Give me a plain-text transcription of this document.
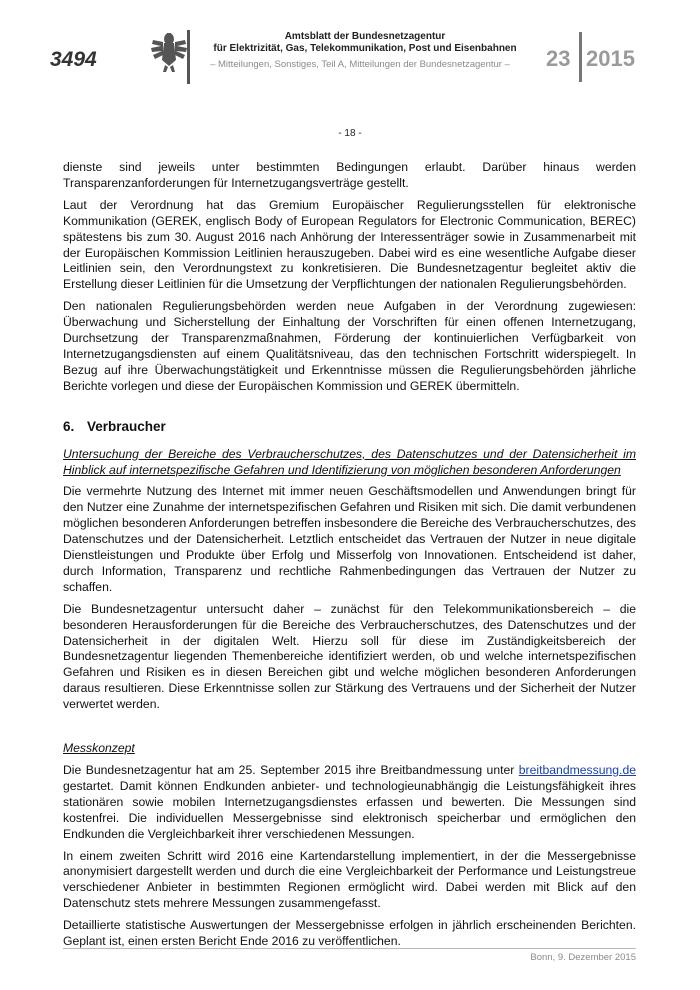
3494
Amtsblatt der Bundesnetzagentur
für Elektrizität, Gas, Telekommunikation, Post und Eisenbahnen
– Mitteilungen, Sonstiges, Teil A, Mitteilungen der Bundesnetzagentur –	23 2015
- 18 -

dienste sind jeweils unter bestimmten Bedingungen erlaubt. Darüber hinaus werden Transparenzanforderungen für Internetzugangsverträge gestellt.

Laut der Verordnung hat das Gremium Europäischer Regulierungsstellen für elektronische Kommunikation (GEREK, englisch Body of European Regulators for Electronic Communication, BEREC) spätestens bis zum 30. August 2016 nach Anhörung der Interessenträger sowie in Zusammenarbeit mit der Europäischen Kommission Leitlinien herauszugeben. Dabei wird es eine wesentliche Aufgabe dieser Leitlinien sein, den Verordnungstext zu konkretisieren. Die Bundesnetzagentur begleitet aktiv die Erstellung dieser Leitlinien für die Umsetzung der Verpflichtungen der nationalen Regulierungsbehörden.

Den nationalen Regulierungsbehörden werden neue Aufgaben in der Verordnung zugewiesen: Überwachung und Sicherstellung der Einhaltung der Vorschriften für einen offenen Internetzugang, Durchsetzung der Transparenzmaßnahmen, Förderung der kontinuierlichen Verfügbarkeit von Internetzugangsdiensten auf einem Qualitätsniveau, das den technischen Fortschritt widerspiegelt. In Bezug auf ihre Überwachungstätigkeit und Erkenntnisse müssen die Regulierungsbehörden jährliche Berichte vorlegen und diese der Europäischen Kommission und GEREK übermitteln.

6. Verbraucher

Untersuchung der Bereiche des Verbraucherschutzes, des Datenschutzes und der Datensicherheit im Hinblick auf internetspezifische Gefahren und Identifizierung von möglichen besonderen Anforderungen

Die vermehrte Nutzung des Internet mit immer neuen Geschäftsmodellen und Anwendungen bringt für den Nutzer eine Zunahme der internetspezifischen Gefahren und Risiken mit sich. Die damit verbundenen möglichen besonderen Anforderungen betreffen insbesondere die Bereiche des Verbraucherschutzes, des Datenschutzes und der Datensicherheit. Letztlich entscheidet das Vertrauen der Nutzer in neue digitale Dienstleistungen und Produkte über Erfolg und Misserfolg von Innovationen. Entscheidend ist daher, durch Information, Transparenz und rechtliche Rahmenbedingungen das Vertrauen der Nutzer zu schaffen.

Die Bundesnetzagentur untersucht daher – zunächst für den Telekommunikationsbereich – die besonderen Herausforderungen für die Bereiche des Verbraucherschutzes, des Datenschutzes und der Datensicherheit in der digitalen Welt. Hierzu soll für diese im Zuständigkeitsbereich der Bundesnetzagentur liegenden Themenbereiche identifiziert werden, ob und welche internetspezifischen Gefahren und Risiken es in diesen Bereichen gibt und welche möglichen besonderen Anforderungen daraus resultieren. Diese Erkenntnisse sollen zur Stärkung des Vertrauens und der Sicherheit der Nutzer verwertet werden.

Messkonzept

Die Bundesnetzagentur hat am 25. September 2015 ihre Breitbandmessung unter breitbandmessung.de gestartet. Damit können Endkunden anbieter- und technologieunabhängig die Leistungsfähigkeit ihres stationären sowie mobilen Internetzugangsdienstes erfassen und bewerten. Die Messungen sind kostenfrei. Die individuellen Messergebnisse sind elektronisch speicherbar und ermöglichen den Endkunden die Vergleichbarkeit ihrer verschiedenen Messungen.

In einem zweiten Schritt wird 2016 eine Kartendarstellung implementiert, in der die Messergebnisse anonymisiert dargestellt werden und durch die eine Vergleichbarkeit der Performance und Leistungstreue verschiedener Anbieter in bestimmten Regionen ermöglicht wird. Dabei werden mit Blick auf den Datenschutz stets mehrere Messungen zusammengefasst.

Detaillierte statistische Auswertungen der Messergebnisse erfolgen in jährlich erscheinenden Berichten. Geplant ist, einen ersten Bericht Ende 2016 zu veröffentlichen.

Bonn, 9. Dezember 2015
